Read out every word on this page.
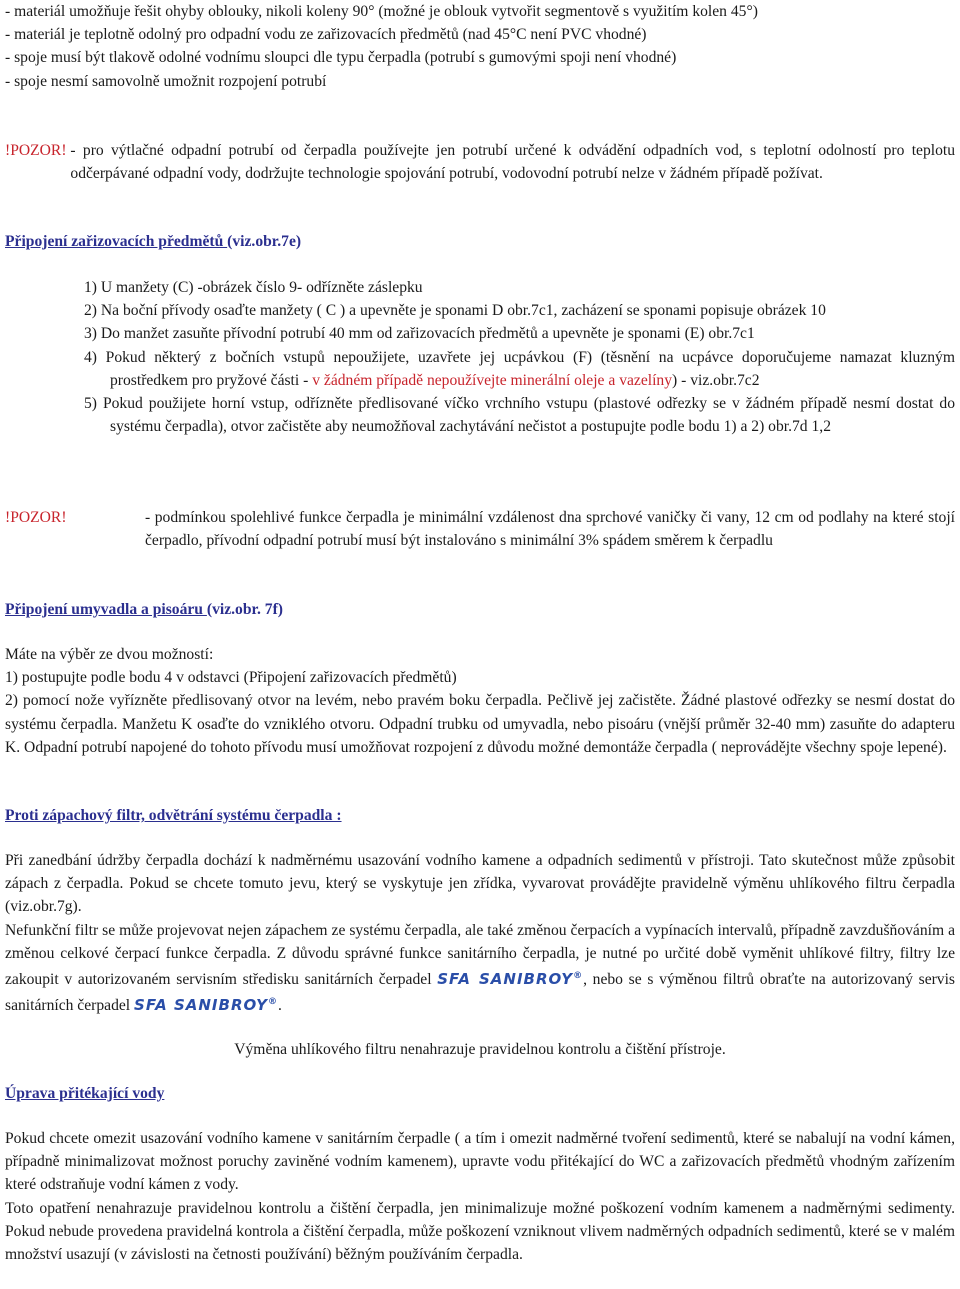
- materiál umožňuje řešit ohyby oblouky, nikoli koleny 90° (možné je oblouk vytvořit segmentově s využitím kolen 45°)

- materiál je teplotně odolný pro odpadní vodu ze zařizovacích předmětů (nad 45°C není PVC vhodné)

- spoje musí být tlakově odolné vodnímu sloupci dle typu čerpadla (potrubí s gumovými spoji není vhodné)

- spoje nesmí samovolně umožnit rozpojení potrubí

!POZOR!
- pro výtlačné odpadní potrubí od čerpadla používejte jen potrubí určené k odvádění odpadních vod, s teplotní odolností pro teplotu odčerpávané odpadní vody, dodržujte technologie spojování potrubí, vodovodní potrubí nelze v žádném případě požívat.
Připojení zařizovacích předmětů (viz.obr.7e)

1) U manžety (C) -obrázek číslo 9- odřízněte záslepku

2) Na boční přívody osaďte manžety ( C ) a upevněte je sponami D obr.7c1, zacházení se sponami popisuje obrázek 10

3) Do manžet zasuňte přívodní potrubí 40 mm od zařizovacích předmětů a upevněte je sponami (E) obr.7c1

4) Pokud některý z bočních vstupů nepoužijete, uzavřete jej ucpávkou (F) (těsnění na ucpávce doporučujeme namazat kluzným prostředkem pro pryžové části - v žádném případě nepoužívejte minerální oleje a vazelíny) - viz.obr.7c2

5) Pokud použijete horní vstup, odřízněte předlisované víčko vrchního vstupu (plastové odřezky se v žádném případě nesmí dostat do systému čerpadla), otvor začistěte aby neumožňoval zachytávání nečistot a postupujte podle bodu 1) a 2) obr.7d 1,2

!POZOR!	- podmínkou spolehlivé funkce čerpadla je minimální vzdálenost dna sprchové vaničky či vany, 12 cm od podlahy na které stojí čerpadlo, přívodní odpadní potrubí musí být instalováno s minimální 3% spádem směrem k čerpadlu
Připojení umyvadla a pisoáru (viz.obr. 7f)

Máte na výběr ze dvou možností:

1) postupujte podle bodu 4 v odstavci (Připojení zařizovacích předmětů)

2) pomocí nože vyřízněte předlisovaný otvor na levém, nebo pravém boku čerpadla. Pečlivě jej začistěte. Žádné plastové odřezky se nesmí dostat do systému čerpadla. Manžetu K osaďte do vzniklého otvoru. Odpadní trubku od umyvadla, nebo pisoáru (vnější průměr 32-40 mm) zasuňte do adapteru K. Odpadní potrubí napojené do tohoto přívodu musí umožňovat rozpojení z důvodu možné demontáže čerpadla ( neprovádějte všechny spoje lepené).

Proti zápachový filtr, odvětrání systému čerpadla :

Při zanedbání údržby čerpadla dochází k nadměrnému usazování vodního kamene a odpadních sedimentů v přístroji. Tato skutečnost může způsobit zápach z čerpadla. Pokud se chcete tomuto jevu, který se vyskytuje jen zřídka, vyvarovat provádějte pravidelně výměnu uhlíkového filtru čerpadla (viz.obr.7g).

Nefunkční filtr se může projevovat nejen zápachem ze systému čerpadla, ale také změnou čerpacích a vypínacích intervalů, případně zavzdušňováním a změnou celkové čerpací funkce čerpadla. Z důvodu správné funkce sanitárního čerpadla, je nutné po určité době vyměnit uhlíkové filtry, filtry lze zakoupit v autorizovaném servisním středisku sanitárních čerpadel SFA SANIBROY®, nebo se s výměnou filtrů obraťte na autorizovaný servis sanitárních čerpadel SFA SANIBROY®.

Výměna uhlíkového filtru nenahrazuje pravidelnou kontrolu a čištění přístroje.
Úprava přitékající vody

Pokud chcete omezit usazování vodního kamene v sanitárním čerpadle ( a tím i omezit nadměrné tvoření sedimentů, které se nabalují na vodní kámen, případně minimalizovat možnost poruchy zaviněné vodním kamenem), upravte vodu přitékající do WC a zařizovacích předmětů vhodným zařízením které odstraňuje vodní kámen z vody.

Toto opatření nenahrazuje pravidelnou kontrolu a čištění čerpadla, jen minimalizuje možné poškození vodním kamenem a nadměrnými sedimenty. Pokud nebude provedena pravidelná kontrola a čištění čerpadla, může poškození vzniknout vlivem nadměrných odpadních sedimentů, které se v malém množství usazují (v závislosti na četnosti používání) běžným používáním čerpadla.
